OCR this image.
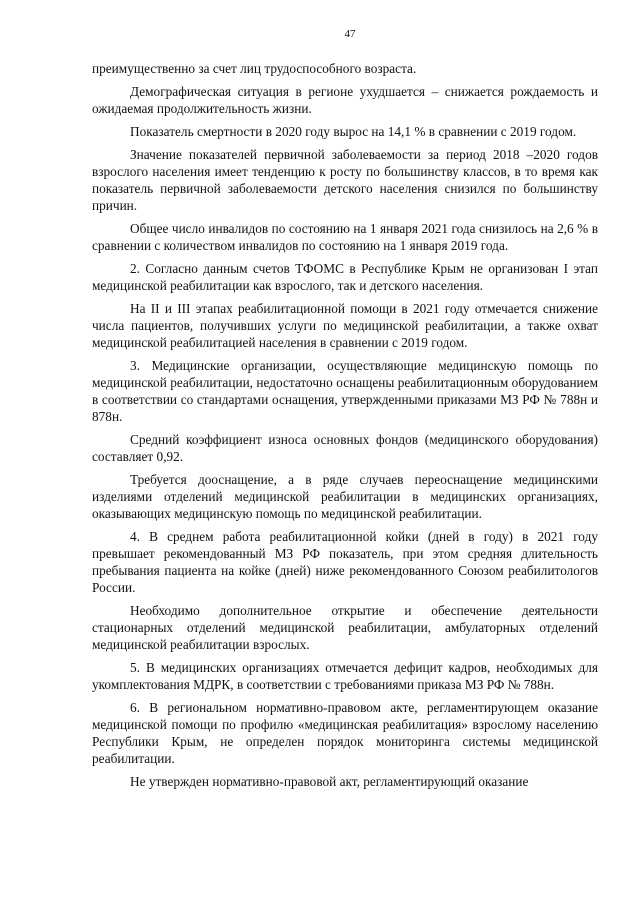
47

преимущественно за счет лиц трудоспособного возраста.

Демографическая ситуация в регионе ухудшается – снижается рождаемость и ожидаемая продолжительность жизни.

Показатель смертности в 2020 году вырос на 14,1 % в сравнении с 2019 годом.

Значение показателей первичной заболеваемости за период 2018 –2020 годов взрослого населения имеет тенденцию к росту по большинству классов, в то время как показатель первичной заболеваемости детского населения снизился по большинству причин.

Общее число инвалидов по состоянию на 1 января 2021 года снизилось на 2,6 % в сравнении с количеством инвалидов по состоянию на 1 января 2019 года.

2. Согласно данным счетов ТФОМС в Республике Крым не организован I этап медицинской реабилитации как взрослого, так и детского населения.

На II и III этапах реабилитационной помощи в 2021 году отмечается снижение числа пациентов, получивших услуги по медицинской реабилитации, а также охват медицинской реабилитацией населения в сравнении с 2019 годом.

3. Медицинские организации, осуществляющие медицинскую помощь по медицинской реабилитации, недостаточно оснащены реабилитационным оборудованием в соответствии со стандартами оснащения, утвержденными приказами МЗ РФ № 788н и 878н.

Средний коэффициент износа основных фондов (медицинского оборудования) составляет 0,92.

Требуется дооснащение, а в ряде случаев переоснащение медицинскими изделиями отделений медицинской реабилитации в медицинских организациях, оказывающих медицинскую помощь по медицинской реабилитации.

4. В среднем работа реабилитационной койки (дней в году) в 2021 году превышает рекомендованный МЗ РФ показатель, при этом средняя длительность пребывания пациента на койке (дней) ниже рекомендованного Союзом реабилитологов России.

Необходимо дополнительное открытие и обеспечение деятельности стационарных отделений медицинской реабилитации, амбулаторных отделений медицинской реабилитации взрослых.

5. В медицинских организациях отмечается дефицит кадров, необходимых для укомплектования МДРК, в соответствии с требованиями приказа МЗ РФ № 788н.

6. В региональном нормативно-правовом акте, регламентирующем оказание медицинской помощи по профилю «медицинская реабилитация» взрослому населению Республики Крым, не определен порядок мониторинга системы медицинской реабилитации.

Не утвержден нормативно-правовой акт, регламентирующий оказание
